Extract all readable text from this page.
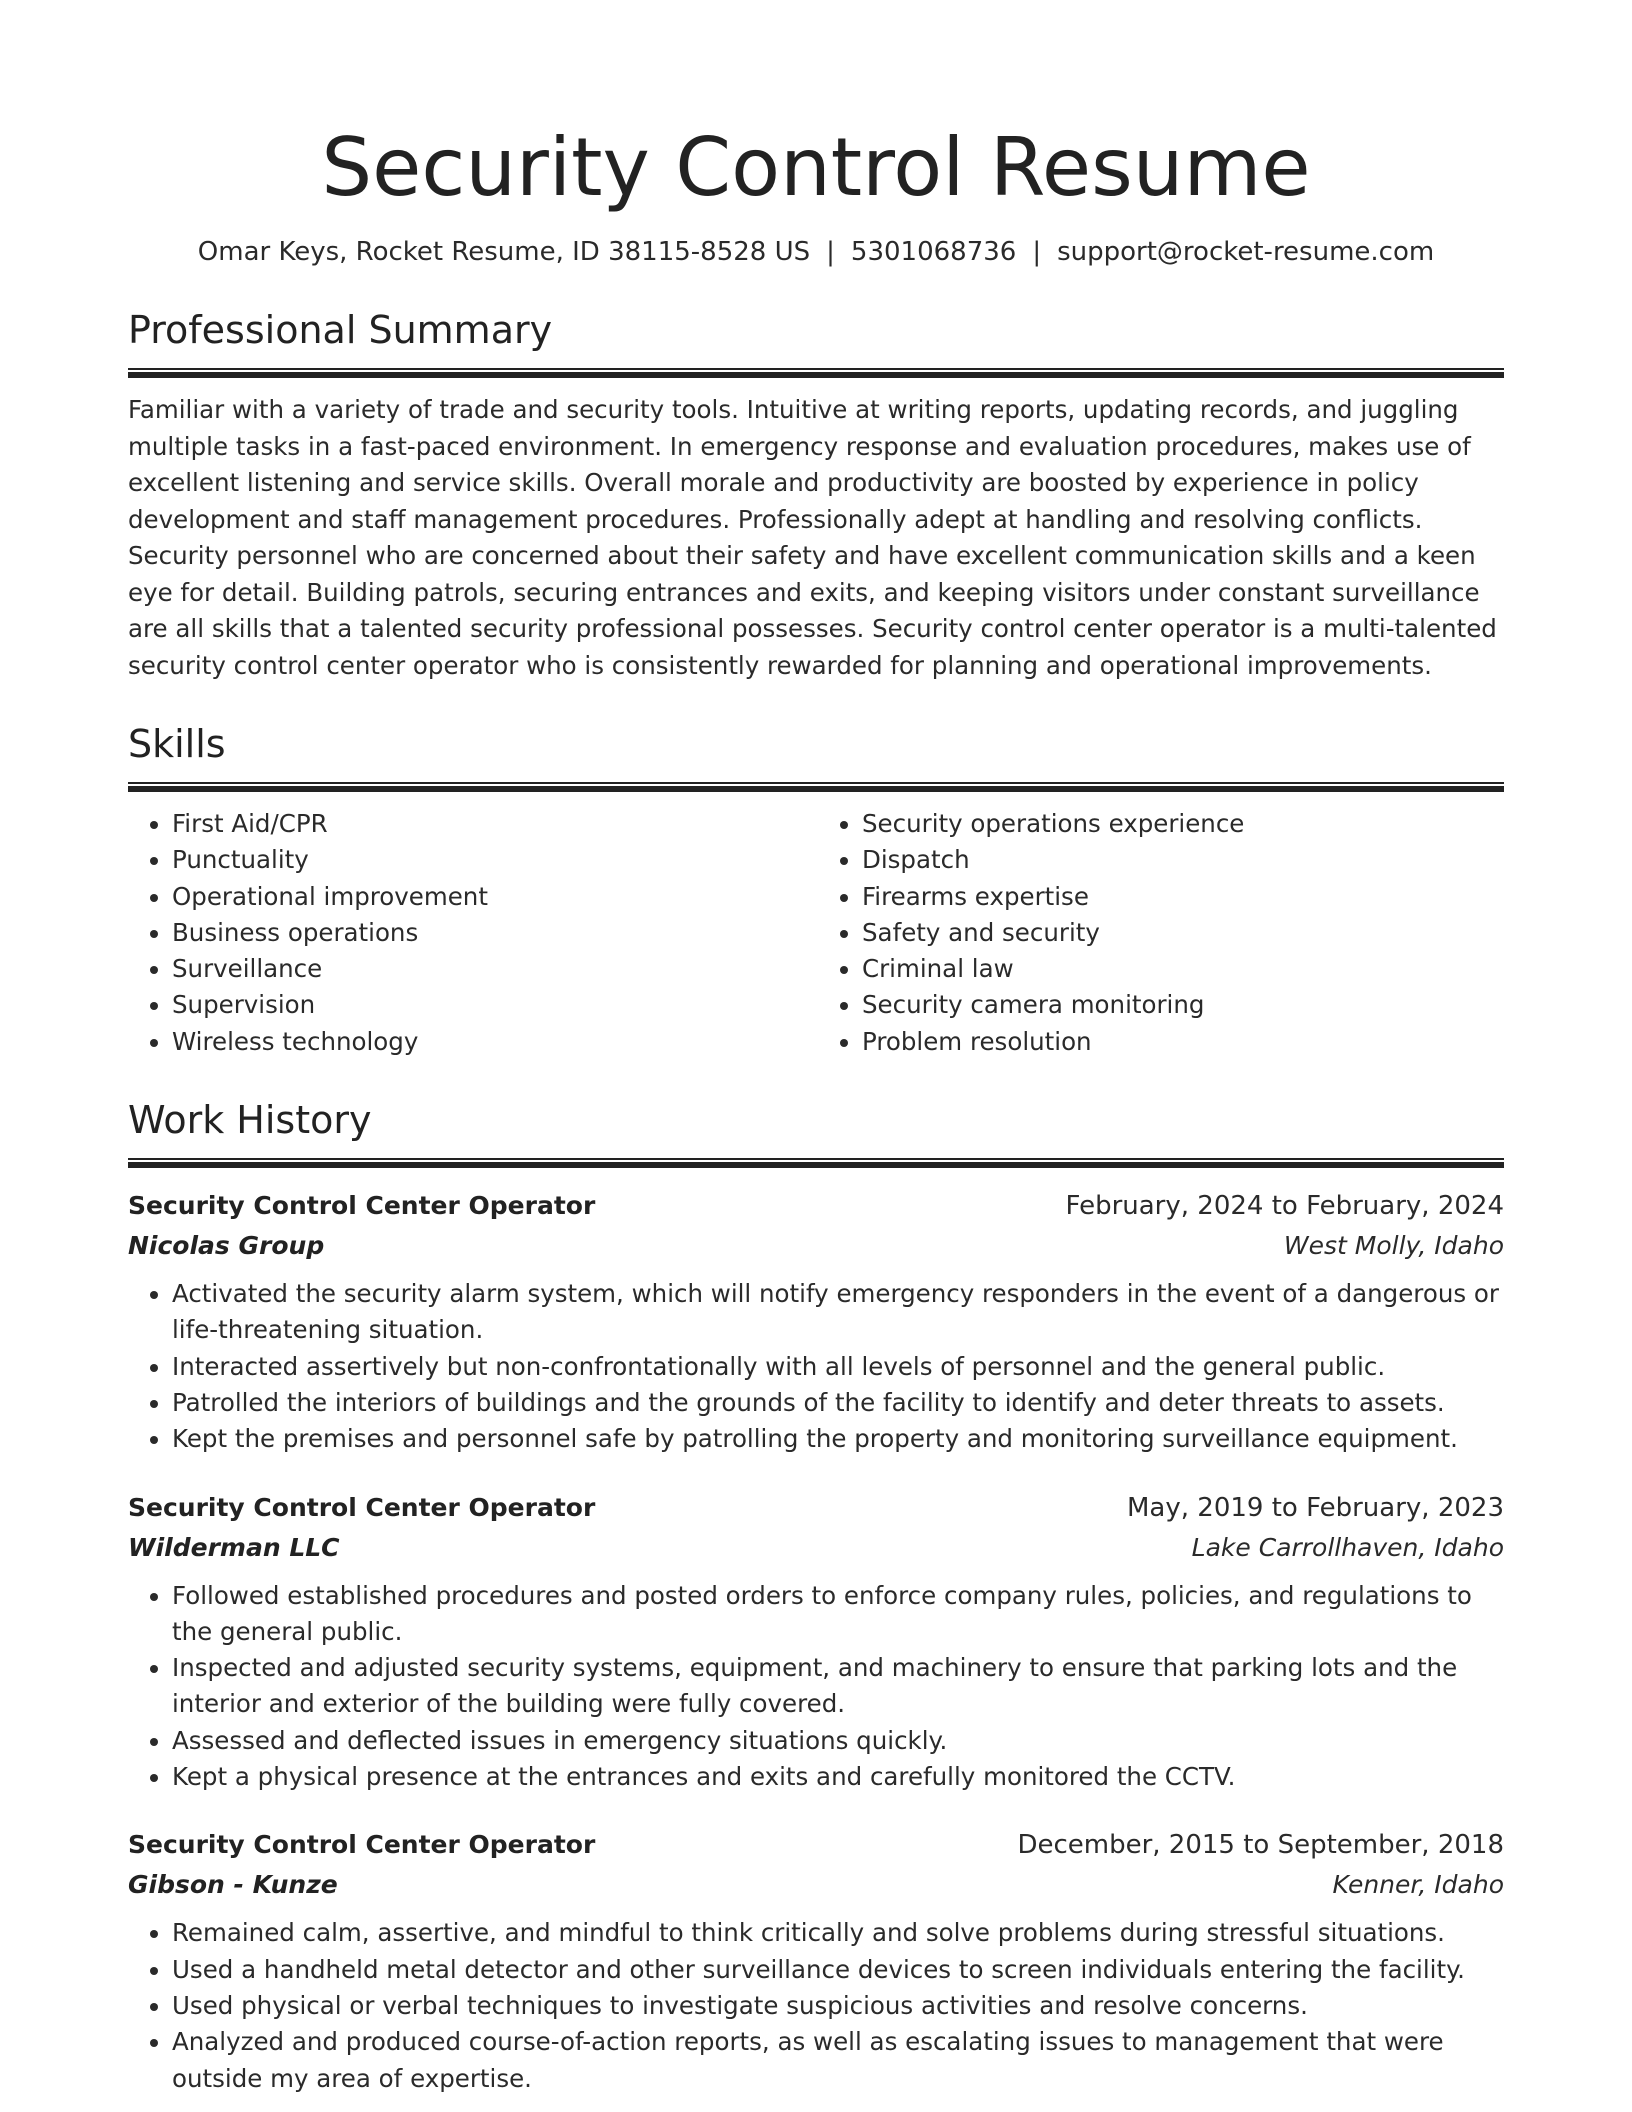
Security Control Resume
Omar Keys, Rocket Resume, ID 38115-8528 US | 5301068736 | support@rocket-resume.com
Professional Summary

Familiar with a variety of trade and security tools. Intuitive at writing reports, updating records, and juggling multiple tasks in a fast-paced environment. In emergency response and evaluation procedures, makes use of excellent listening and service skills. Overall morale and productivity are boosted by experience in policy development and staff management procedures. Professionally adept at handling and resolving conflicts. Security personnel who are concerned about their safety and have excellent communication skills and a keen eye for detail. Building patrols, securing entrances and exits, and keeping visitors under constant surveillance are all skills that a talented security professional possesses. Security control center operator is a multi-talented security control center operator who is consistently rewarded for planning and operational improvements.

Skills
• First Aid/CPR
• Punctuality
• Operational improvement
• Business operations
• Surveillance
• Supervision
• Wireless technology
• Security operations experience
• Dispatch
• Firearms expertise
• Safety and security
• Criminal law
• Security camera monitoring
• Problem resolution
Work History
Security Control Center Operator	February, 2024 to February, 2024
Nicolas Group	West Molly, Idaho
• Activated the security alarm system, which will notify emergency responders in the event of a dangerous or life-threatening situation.
• Interacted assertively but non-confrontationally with all levels of personnel and the general public.
• Patrolled the interiors of buildings and the grounds of the facility to identify and deter threats to assets.
• Kept the premises and personnel safe by patrolling the property and monitoring surveillance equipment.
Security Control Center Operator	May, 2019 to February, 2023
Wilderman LLC	Lake Carrollhaven, Idaho
• Followed established procedures and posted orders to enforce company rules, policies, and regulations to the general public.
• Inspected and adjusted security systems, equipment, and machinery to ensure that parking lots and the interior and exterior of the building were fully covered.
• Assessed and deflected issues in emergency situations quickly.
• Kept a physical presence at the entrances and exits and carefully monitored the CCTV.
Security Control Center Operator	December, 2015 to September, 2018
Gibson - Kunze	Kenner, Idaho
• Remained calm, assertive, and mindful to think critically and solve problems during stressful situations.
• Used a handheld metal detector and other surveillance devices to screen individuals entering the facility.
• Used physical or verbal techniques to investigate suspicious activities and resolve concerns.
• Analyzed and produced course-of-action reports, as well as escalating issues to management that were outside my area of expertise.
